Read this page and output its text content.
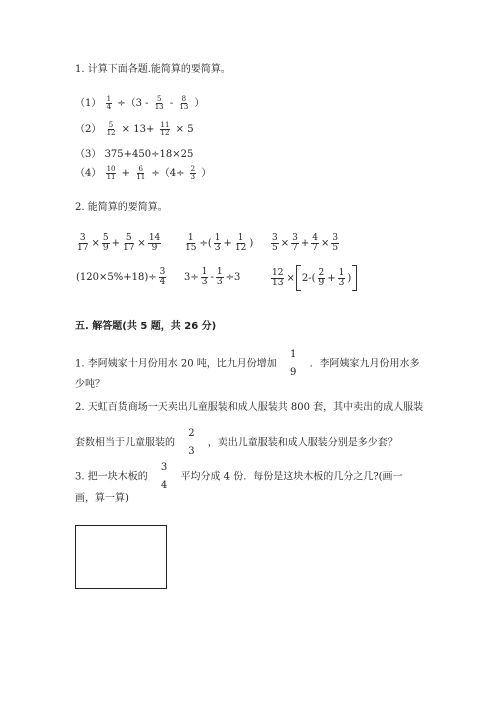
1. 计算下面各题.能简算的要简算。
$(1) \frac{1}{4} \div(3 - \frac{5}{13} - \frac{8}{13}$ ）
$(2) \frac{5}{12} \times 13+ \frac{11}{12} \times 5$
（3） 375+450÷18×25
$(4) \frac{10}{11} + \frac{6}{11} \div(4\div \frac{2}{3}$ ）
2. 能简算的要简算。
$\frac{3}{17} \times \frac{5}{9} + \frac{5}{17} \times \frac{14}{9}$	$\frac{1}{15}$ ÷( $\frac{1}{3} + \frac{1}{12}$ ) $\frac{3}{5} \times \frac{3}{7} + \frac{4}{7} \times \frac{3}{5}$
$(120\times 5\%+18)\div \frac{3}{4} 3\div \frac{1}{3} - \frac{1}{3} \div 3$	$\frac{12}{13} \times 2-( \frac{2}{9} + \frac{1}{3}$ )
五. 解答题(共 5 题，共 26 分)
1. 李阿姨家十月份用水 20 吨，比九月份增加
1
9
．李阿姨家九月份用水多
少吨？
2. 天虹百货商场一天卖出儿童服装和成人服装共 800 套，其中卖出的成人服装
套数相当于儿童服装的
2
3
，卖出儿童服装和成人服装分别是多少套？
3. 把一块木板的
3
4
平均分成 4 份．每份是这块木板的几分之几?(画一
画，算一算)
